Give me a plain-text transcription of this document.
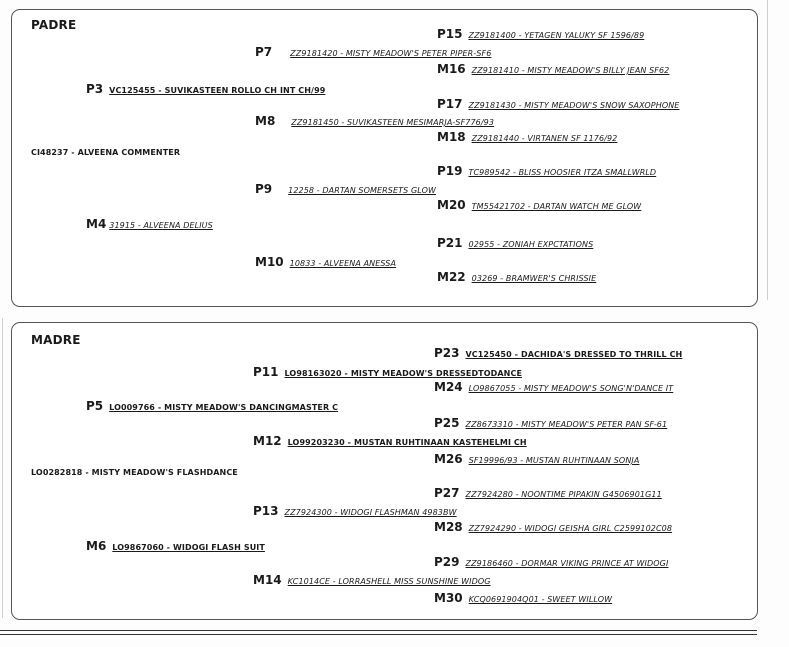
PADRE
P15 ZZ9181400 - YETAGEN YALUKY SF 1596/89
P7 ZZ9181420 - MISTY MEADOW'S PETER PIPER-SF6
M16 ZZ9181410 - MISTY MEADOW'S BILLY JEAN SF62
P3 VC125455 - SUVIKASTEEN ROLLO CH INT CH/99
P17 ZZ9181430 - MISTY MEADOW'S SNOW SAXOPHONE
M8 ZZ9181450 - SUVIKASTEEN MESIMARJA-SF776/93
M18 ZZ9181440 - VIRTANEN SF 1176/92
CI48237 - ALVEENA COMMENTER
P19 TC989542 - BLISS HOOSIER ITZA SMALLWRLD
P9 12258 - DARTAN SOMERSETS GLOW
M20 TM55421702 - DARTAN WATCH ME GLOW
M4 31915 - ALVEENA DELIUS
P21 02955 - ZONIAH EXPCTATIONS
M10 10833 - ALVEENA ANESSA
M22 03269 - BRAMWER'S CHRISSIE
MADRE
P23 VC125450 - DACHIDA'S DRESSED TO THRILL CH
P11 LO98163020 - MISTY MEADOW'S DRESSEDTODANCE
M24 LO9867055 - MISTY MEADOW'S SONG'N'DANCE IT
P5 LO009766 - MISTY MEADOW'S DANCINGMASTER C
P25 ZZ8673310 - MISTY MEADOW'S PETER PAN SF-61
M12 LO99203230 - MUSTAN RUHTINAAN KASTEHELMI CH
M26 SF19996/93 - MUSTAN RUHTINAAN SONJA
LO0282818 - MISTY MEADOW'S FLASHDANCE
P27 ZZ7924280 - NOONTIME PIPAKIN G4506901G11
P13 ZZ7924300 - WIDOGI FLASHMAN 4983BW
M28 ZZ7924290 - WIDOGI GEISHA GIRL C2599102C08
M6 LO9867060 - WIDOGI FLASH SUIT
P29 ZZ9186460 - DORMAR VIKING PRINCE AT WIDOGI
M14 KC1014CE - LORRASHELL MISS SUNSHINE WIDOG
M30 KCQ0691904Q01 - SWEET WILLOW
